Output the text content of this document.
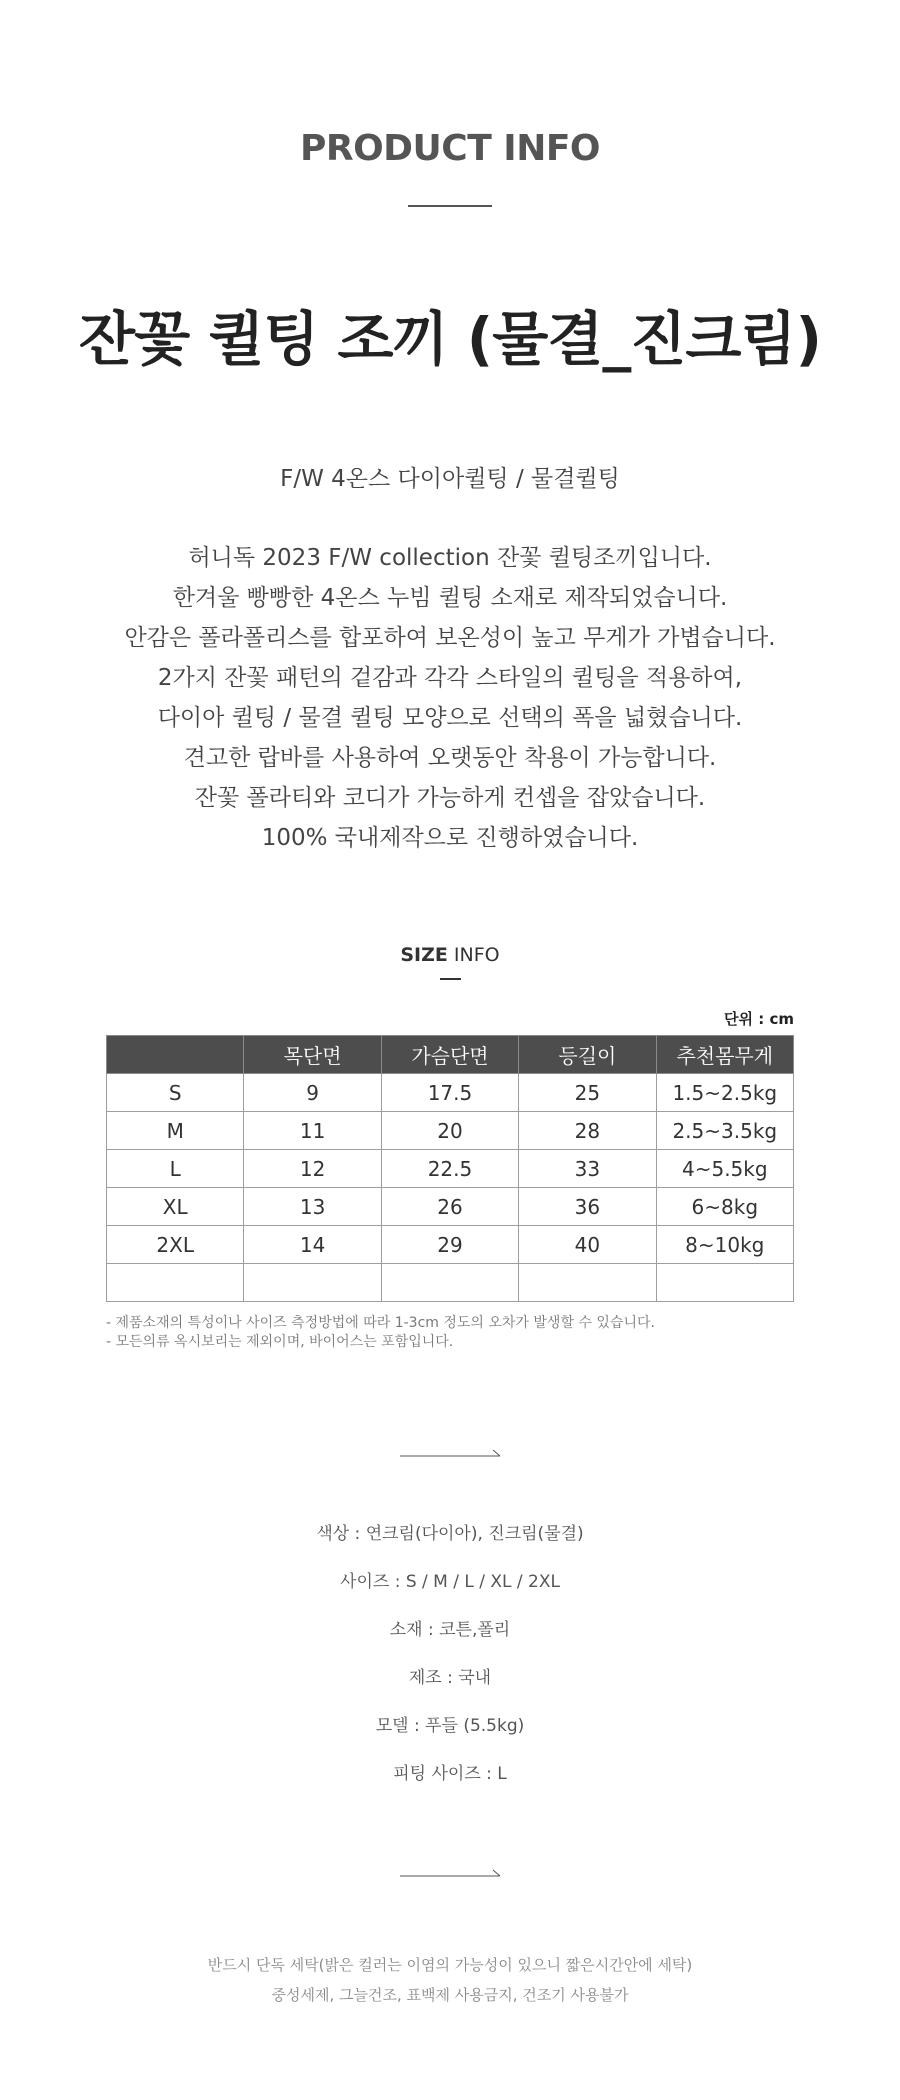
PRODUCT INFO
잔꽃 퀼팅 조끼 (물결_진크림)
F/W 4온스 다이아퀼팅 / 물결퀼팅
허니독 2023 F/W collection 잔꽃 퀼팅조끼입니다.
한겨울 빵빵한 4온스 누빔 퀼팅 소재로 제작되었습니다.
안감은 폴라폴리스를 합포하여 보온성이 높고 무게가 가볍습니다.
2가지 잔꽃 패턴의 겉감과 각각 스타일의 퀼팅을 적용하여,
다이아 퀼팅 / 물결 퀼팅 모양으로 선택의 폭을 넓혔습니다.
견고한 랍바를 사용하여 오랫동안 착용이 가능합니다.
잔꽃 폴라티와 코디가 가능하게 컨셉을 잡았습니다.
100% 국내제작으로 진행하였습니다.
SIZE INFO
단위 : cm
	목단면	가슴단면	등길이	추천몸무게
S	9	17.5	25	1.5~2.5kg
M	11	20	28	2.5~3.5kg
L	12	22.5	33	4~5.5kg
XL	13	26	36	6~8kg
2XL	14	29	40	8~10kg

- 제품소재의 특성이나 사이즈 측정방법에 따라 1-3cm 정도의 오차가 발생할 수 있습니다.
- 모든의류 옥시보리는 제외이며, 바이어스는 포함입니다.
색상 : 연크림(다이아), 진크림(물결)
사이즈 : S / M / L / XL / 2XL
소재 : 코튼,폴리
제조 : 국내
모델 : 푸들 (5.5kg)
피팅 사이즈 : L
반드시 단독 세탁(밝은 컬러는 이염의 가능성이 있으니 짧은시간안에 세탁)
중성세제, 그늘건조, 표백제 사용금지, 건조기 사용불가
